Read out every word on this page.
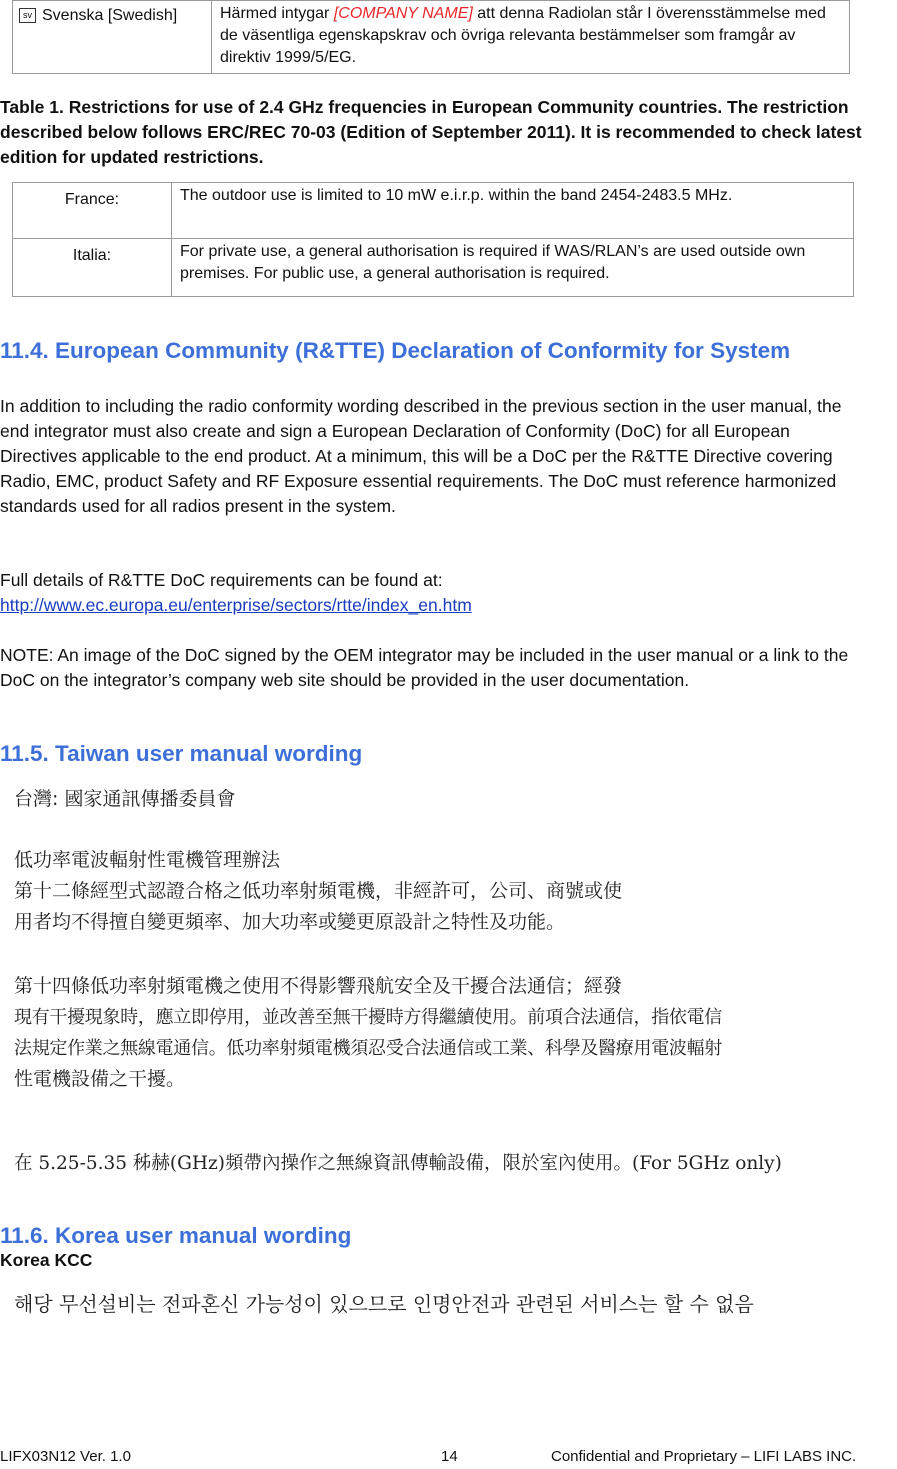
sv Svenska [Swedish]	Härmed intygar [COMPANY NAME] att denna Radiolan står I överensstämmelse med de väsentliga egenskapskrav och övriga relevanta bestämmelser som framgår av direktiv 1999/5/EG.
Table 1. Restrictions for use of 2.4 GHz frequencies in European Community countries. The restriction described below follows ERC/REC 70-03 (Edition of September 2011). It is recommended to check latest edition for updated restrictions.
France:	The outdoor use is limited to 10 mW e.i.r.p. within the band 2454-2483.5 MHz.
Italia:	For private use, a general authorisation is required if WAS/RLAN’s are used outside own premises. For public use, a general authorisation is required.
11.4. European Community (R&TTE) Declaration of Conformity for System
In addition to including the radio conformity wording described in the previous section in the user manual, the end integrator must also create and sign a European Declaration of Conformity (DoC) for all European Directives applicable to the end product. At a minimum, this will be a DoC per the R&TTE Directive covering Radio, EMC, product Safety and RF Exposure essential requirements. The DoC must reference harmonized standards used for all radios present in the system.
Full details of R&TTE DoC requirements can be found at:
http://www.ec.europa.eu/enterprise/sectors/rtte/index_en.htm
NOTE: An image of the DoC signed by the OEM integrator may be included in the user manual or a link to the DoC on the integrator’s company web site should be provided in the user documentation.
11.5. Taiwan user manual wording
台灣: 國家通訊傳播委員會
低功率電波輻射性電機管理辦法
第十二條經型式認證合格之低功率射頻電機，非經許可，公司、商號或使
用者均不得擅自變更頻率、加大功率或變更原設計之特性及功能。
第十四條低功率射頻電機之使用不得影響飛航安全及干擾合法通信；經發
現有干擾現象時，應立即停用，並改善至無干擾時方得繼續使用。前項合法通信，指依電信
法規定作業之無線電通信。低功率射頻電機須忍受合法通信或工業、科學及醫療用電波輻射
性電機設備之干擾。
在 5.25-5.35 秭赫(GHz)頻帶內操作之無線資訊傳輸設備，限於室內使用。(For 5GHz only)
11.6. Korea user manual wording
Korea KCC
해당 무선설비는 전파혼신 가능성이 있으므로 인명안전과 관련된 서비스는 할 수 없음
LIFX03N12 Ver. 1.0	14	Confidential and Proprietary – LIFI LABS INC.
